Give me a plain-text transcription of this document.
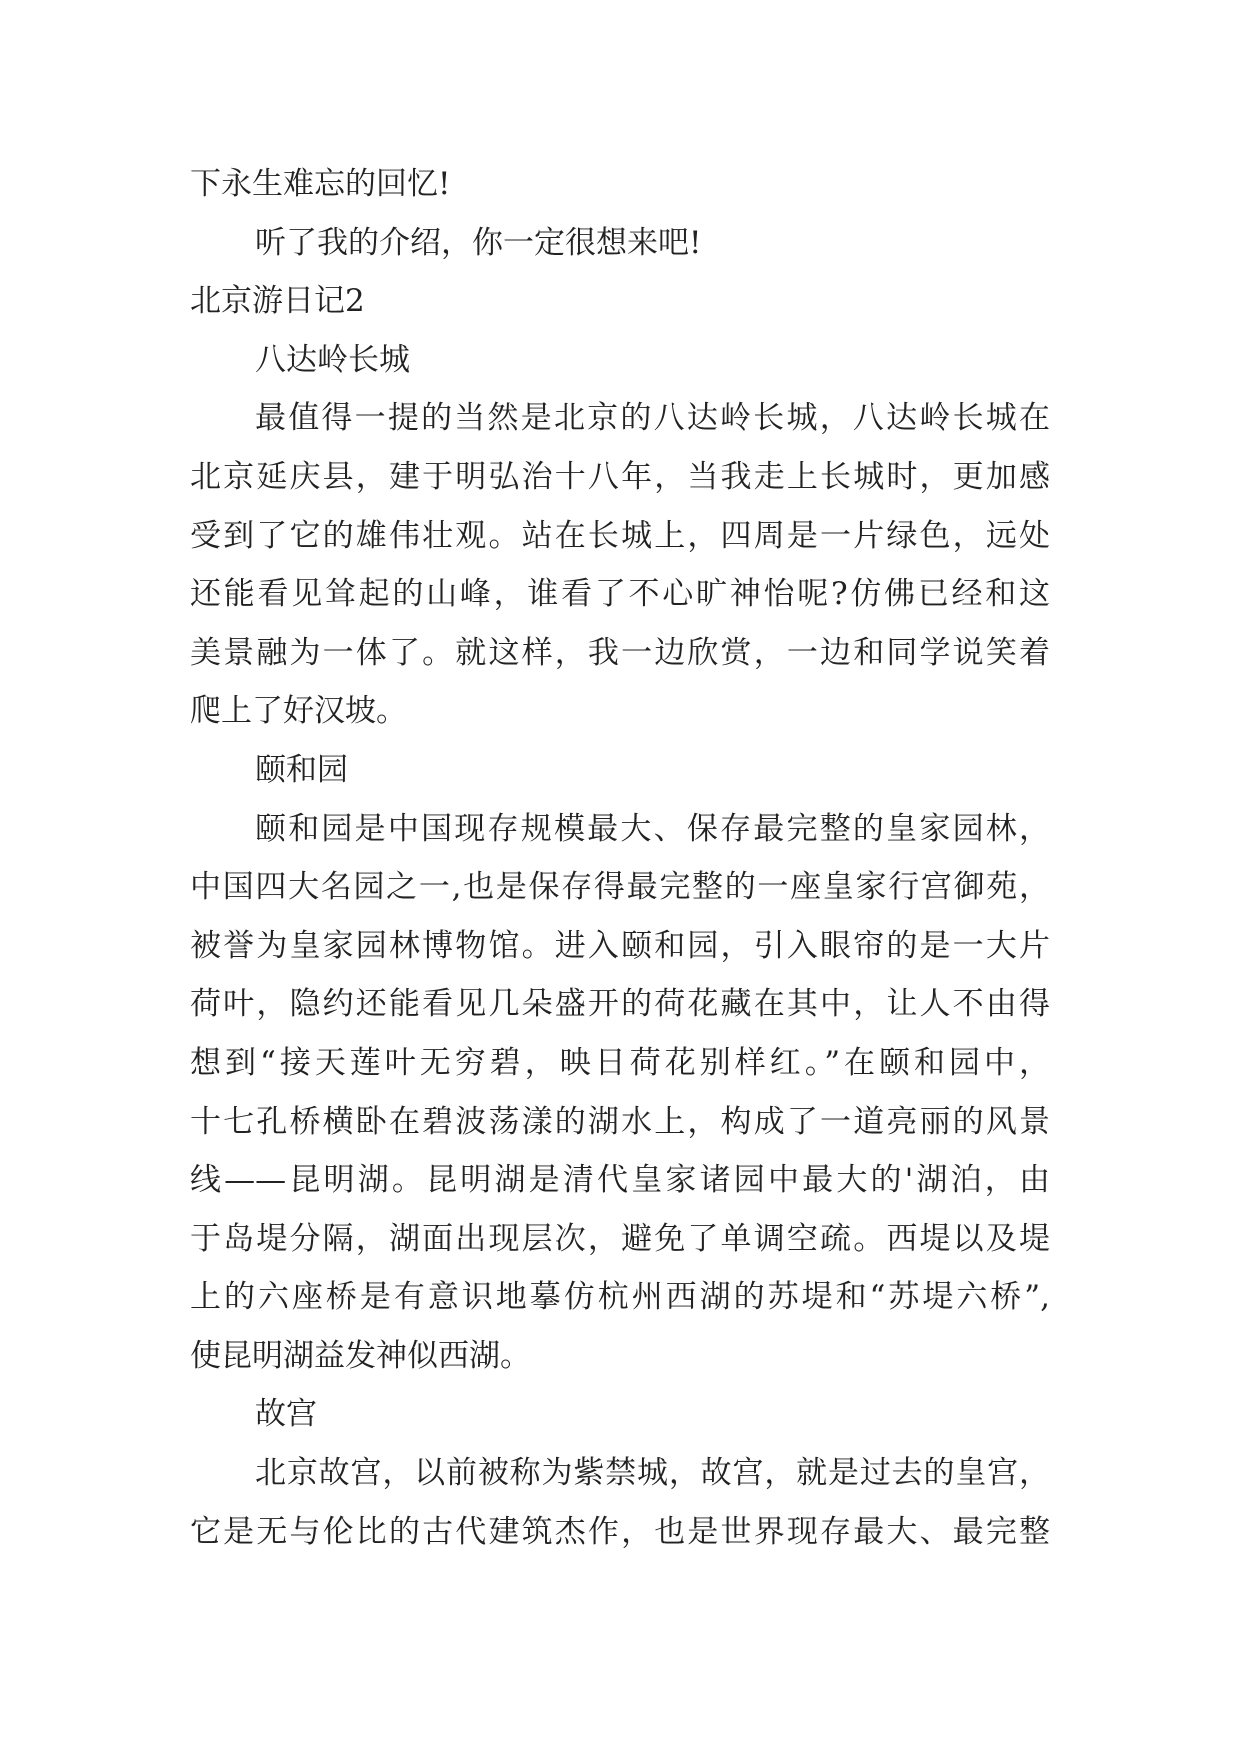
下永生难忘的回忆!
听了我的介绍，你一定很想来吧!
北京游日记2
八达岭长城
最值得一提的当然是北京的八达岭长城，八达岭长城在
北京延庆县，建于明弘治十八年，当我走上长城时，更加感
受到了它的雄伟壮观。站在长城上，四周是一片绿色，远处
还能看见耸起的山峰，谁看了不心旷神怡呢?仿佛已经和这
美景融为一体了。就这样，我一边欣赏，一边和同学说笑着
爬上了好汉坡。
颐和园
颐和园是中国现存规模最大、保存最完整的皇家园林，
中国四大名园之一,也是保存得最完整的一座皇家行宫御苑，
被誉为皇家园林博物馆。进入颐和园，引入眼帘的是一大片
荷叶，隐约还能看见几朵盛开的荷花藏在其中，让人不由得
想到“接天莲叶无穷碧，映日荷花别样红。”在颐和园中，
十七孔桥横卧在碧波荡漾的湖水上，构成了一道亮丽的风景
线——昆明湖。昆明湖是清代皇家诸园中最大的'湖泊，由
于岛堤分隔，湖面出现层次，避免了单调空疏。西堤以及堤
上的六座桥是有意识地摹仿杭州西湖的苏堤和“苏堤六桥”,
使昆明湖益发神似西湖。
故宫
北京故宫，以前被称为紫禁城，故宫，就是过去的皇宫，
它是无与伦比的古代建筑杰作，也是世界现存最大、最完整
